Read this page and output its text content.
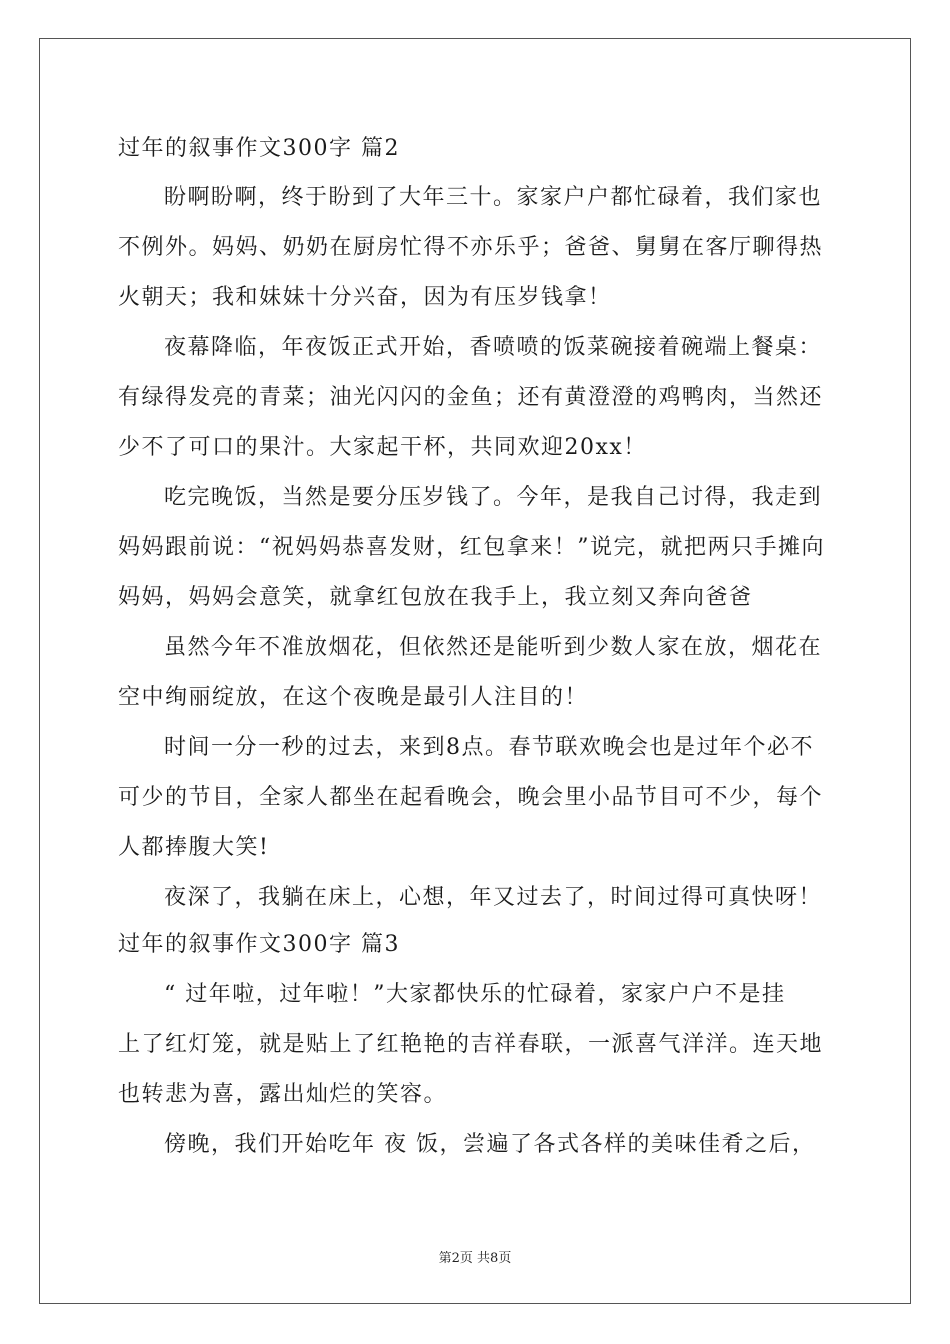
过年的叙事作文300字 篇2
盼啊盼啊，终于盼到了大年三十。家家户户都忙碌着，我们家也
不例外。妈妈、奶奶在厨房忙得不亦乐乎；爸爸、舅舅在客厅聊得热
火朝天；我和妹妹十分兴奋，因为有压岁钱拿！
夜幕降临，年夜饭正式开始，香喷喷的饭菜碗接着碗端上餐桌：
有绿得发亮的青菜；油光闪闪的金鱼；还有黄澄澄的鸡鸭肉，当然还
少不了可口的果汁。大家起干杯，共同欢迎20xx！
吃完晚饭，当然是要分压岁钱了。今年，是我自己讨得，我走到
妈妈跟前说：“祝妈妈恭喜发财，红包拿来！”说完，就把两只手摊向
妈妈，妈妈会意笑，就拿红包放在我手上，我立刻又奔向爸爸
虽然今年不准放烟花，但依然还是能听到少数人家在放，烟花在
空中绚丽绽放，在这个夜晚是最引人注目的！
时间一分一秒的过去，来到8点。春节联欢晚会也是过年个必不
可少的节目，全家人都坐在起看晚会，晚会里小品节目可不少，每个
人都捧腹大笑!
夜深了，我躺在床上，心想，年又过去了，时间过得可真快呀！
过年的叙事作文300字 篇3
“ 过年啦，过年啦！”大家都快乐的忙碌着，家家户户不是挂
上了红灯笼，就是贴上了红艳艳的吉祥春联，一派喜气洋洋。连天地
也转悲为喜，露出灿烂的笑容。
傍晚，我们开始吃年 夜 饭，尝遍了各式各样的美味佳肴之后，
第2页 共8页
